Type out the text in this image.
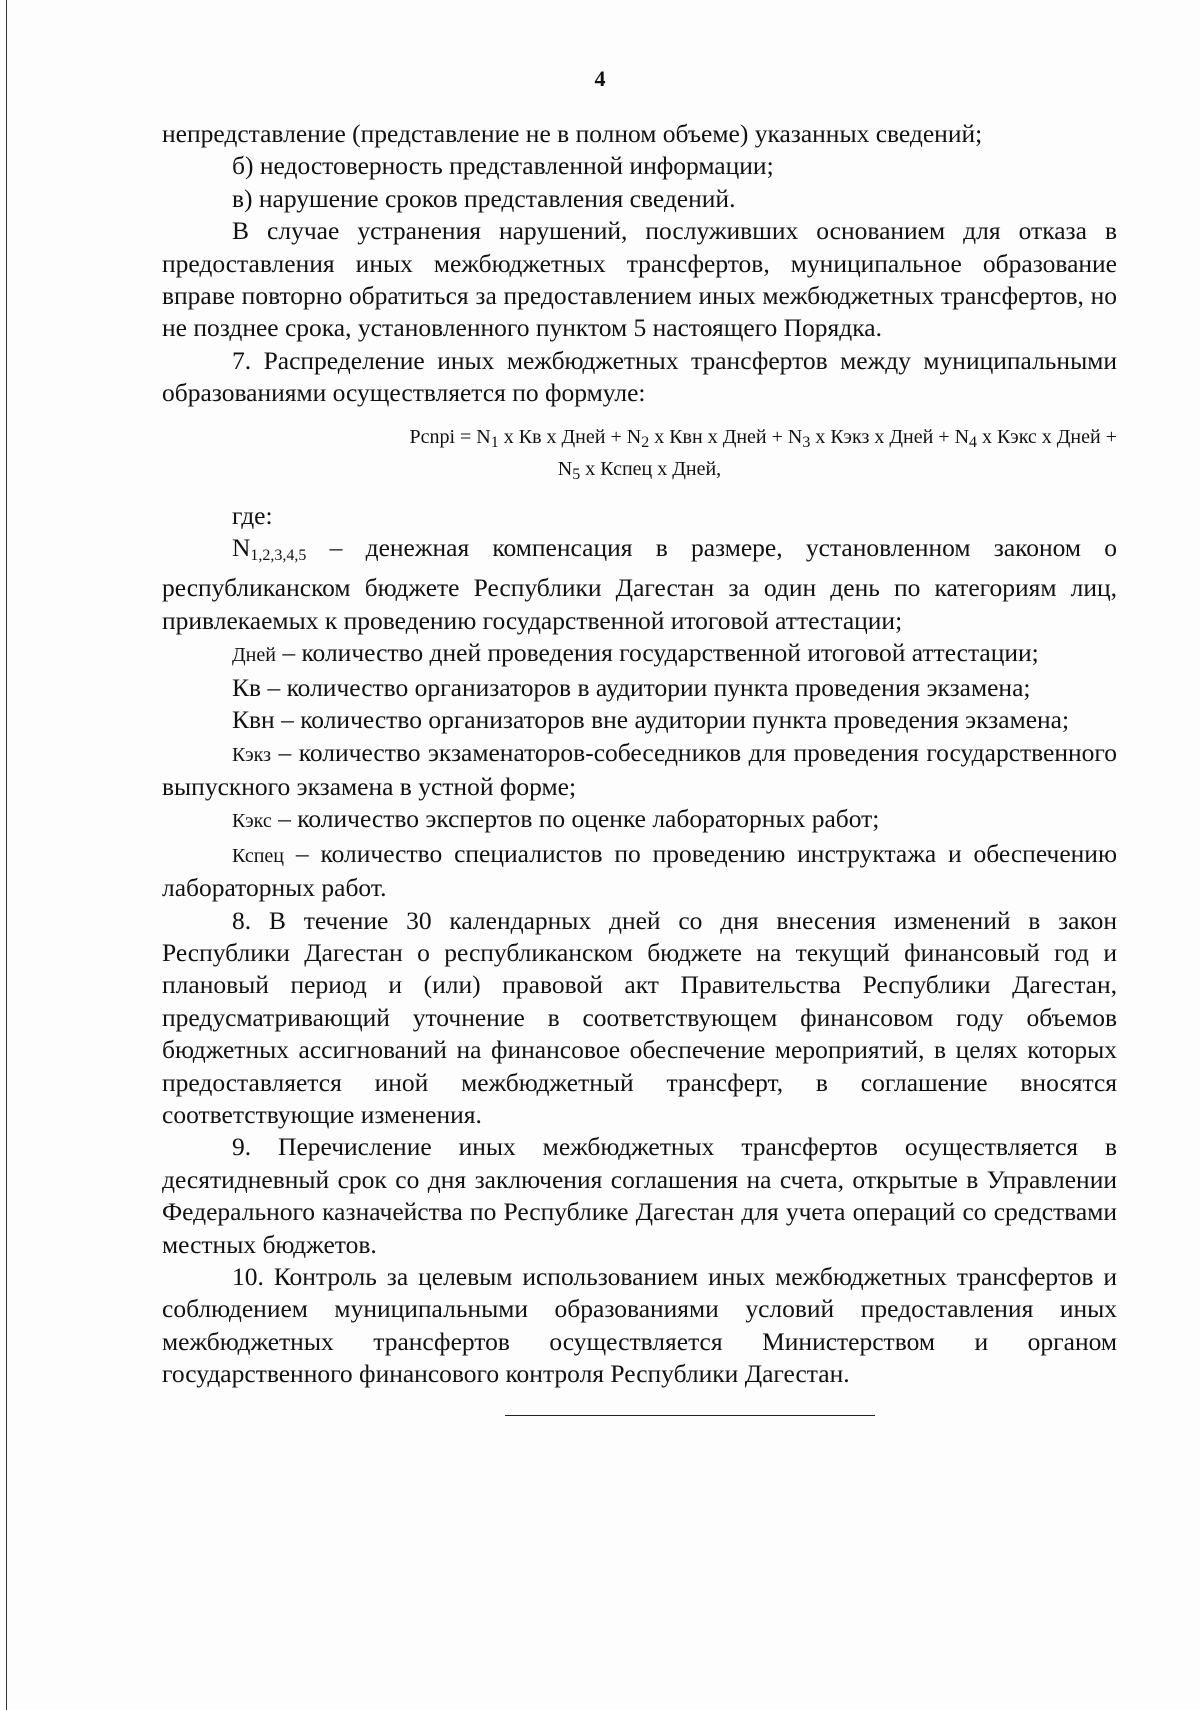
4

непредставление (представление не в полном объеме) указанных сведений;

б) недостоверность представленной информации;

в) нарушение сроков представления сведений.

В случае устранения нарушений, послуживших основанием для отказа в предоставления иных межбюджетных трансфертов, муниципальное образование вправе повторно обратиться за предоставлением иных межбюджетных трансфертов, но не позднее срока, установленного пунктом 5 настоящего Порядка.

7. Распределение иных межбюджетных трансфертов между муниципальными образованиями осуществляется по формуле:

Pcnpi = $N_1$ x Кв x Дней + $N_2$ x Квн x Дней + $N_3$ x Кэкз x Дней + $N_4$ x Кэкс x Дней +
$N_5$ x Кспец x Дней,

где:

$N_{1,2,3,4,5}$ – денежная компенсация в размере, установленном законом о республиканском бюджете Республики Дагестан за один день по категориям лиц, привлекаемых к проведению государственной итоговой аттестации;

Дней – количество дней проведения государственной итоговой аттестации;

Кв – количество организаторов в аудитории пункта проведения экзамена;

Квн – количество организаторов вне аудитории пункта проведения экзамена;

Кэкз – количество экзаменаторов-собеседников для проведения государственного выпускного экзамена в устной форме;

Кэкс – количество экспертов по оценке лабораторных работ;

Кспец – количество специалистов по проведению инструктажа и обеспечению лабораторных работ.

8. В течение 30 календарных дней со дня внесения изменений в закон Республики Дагестан о республиканском бюджете на текущий финансовый год и плановый период и (или) правовой акт Правительства Республики Дагестан, предусматривающий уточнение в соответствующем финансовом году объемов бюджетных ассигнований на финансовое обеспечение мероприятий, в целях которых предоставляется иной межбюджетный трансферт, в соглашение вносятся соответствующие изменения.

9. Перечисление иных межбюджетных трансфертов осуществляется в десятидневный срок со дня заключения соглашения на счета, открытые в Управлении Федерального казначейства по Республике Дагестан для учета операций со средствами местных бюджетов.

10. Контроль за целевым использованием иных межбюджетных трансфертов и соблюдением муниципальными образованиями условий предоставления иных межбюджетных трансфертов осуществляется Министерством и органом государственного финансового контроля Республики Дагестан.
